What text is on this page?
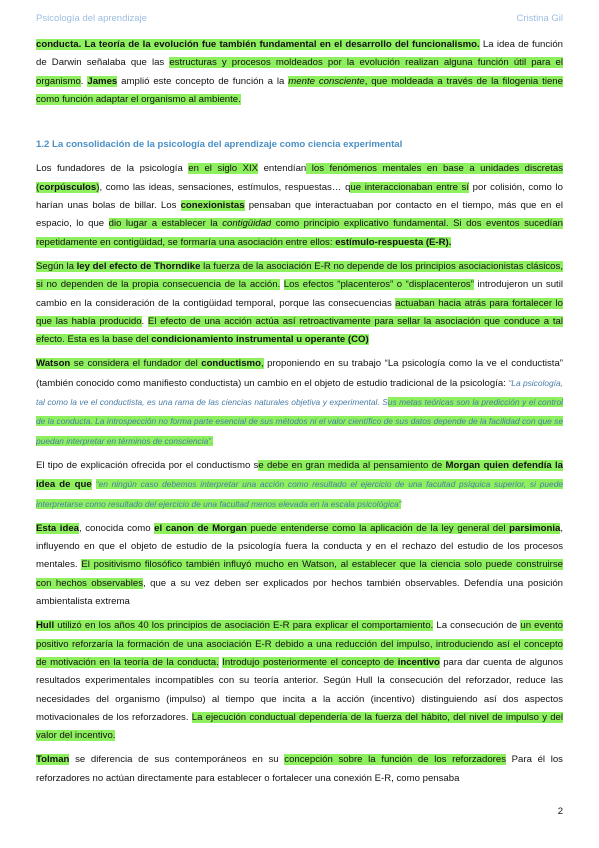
Psicología del aprendizaje	Cristina Gil

conducta. La teoría de la evolución fue también fundamental en el desarrollo del funcionalismo. La idea de función de Darwin señalaba que las estructuras y procesos moldeados por la evolución realizan alguna función útil para el organismo. James amplió este concepto de función a la mente consciente, que moldeada a través de la filogenia tiene como función adaptar el organismo al ambiente.

1.2 La consolidación de la psicología del aprendizaje como ciencia experimental

Los fundadores de la psicología en el siglo XIX entendían los fenómenos mentales en base a unidades discretas (corpúsculos), como las ideas, sensaciones, estímulos, respuestas… que interaccionaban entre sí por colisión, como lo harían unas bolas de billar. Los conexionistas pensaban que interactuaban por contacto en el tiempo, más que en el espacio, lo que dio lugar a establecer la contigüidad como principio explicativo fundamental. Si dos eventos sucedían repetidamente en contigüidad, se formaría una asociación entre ellos: estímulo-respuesta (E-R).

Según la ley del efecto de Thorndike la fuerza de la asociación E-R no depende de los principios asociacionistas clásicos, si no dependen de la propia consecuencia de la acción. Los efectos “placenteros” o “displacenteros” introdujeron un sutil cambio en la consideración de la contigüidad temporal, porque las consecuencias actuaban hacia atrás para fortalecer lo que las había producido. El efecto de una acción actúa así retroactivamente para sellar la asociación que conduce a tal efecto. Esta es la base del condicionamiento instrumental u operante (CO)

Watson se considera el fundador del conductismo, proponiendo en su trabajo “La psicología como la ve el conductista” (también conocido como manifiesto conductista) un cambio en el objeto de estudio tradicional de la psicología: “La psicología, tal como la ve el conductista, es una rama de las ciencias naturales objetiva y experimental. Sus metas teóricas son la predicción y el control de la conducta. La introspección no forma parte esencial de sus métodos ni el valor científico de sus datos depende de la facilidad con que se puedan interpretar en términos de consciencia”.

El tipo de explicación ofrecida por el conductismo se debe en gran medida al pensamiento de Morgan quien defendía la idea de que “en ningún caso debemos interpretar una acción como resultado el ejercicio de una facultad psíquica superior, si puede interpretarse como resultado del ejercicio de una facultad menos elevada en la escala psicológica”

Esta idea, conocida como el canon de Morgan puede entenderse como la aplicación de la ley general del parsimonia, influyendo en que el objeto de estudio de la psicología fuera la conducta y en el rechazo del estudio de los procesos mentales. El positivismo filosófico también influyó mucho en Watson, al establecer que la ciencia solo puede construirse con hechos observables, que a su vez deben ser explicados por hechos también observables. Defendía una posición ambientalista extrema

Hull utilizó en los años 40 los principios de asociación E-R para explicar el comportamiento. La consecución de un evento positivo reforzaría la formación de una asociación E-R debido a una reducción del impulso, introduciendo así el concepto de motivación en la teoría de la conducta. Introdujo posteriormente el concepto de incentivo para dar cuenta de algunos resultados experimentales incompatibles con su teoría anterior. Según Hull la consecución del reforzador, reduce las necesidades del organismo (impulso) al tiempo que incita a la acción (incentivo) distinguiendo así dos aspectos motivacionales de los reforzadores. La ejecución conductual dependería de la fuerza del hábito, del nivel de impulso y del valor del incentivo.

Tolman se diferencia de sus contemporáneos en su concepción sobre la función de los reforzadores Para él los reforzadores no actúan directamente para establecer o fortalecer una conexión E-R, como pensaba

2
